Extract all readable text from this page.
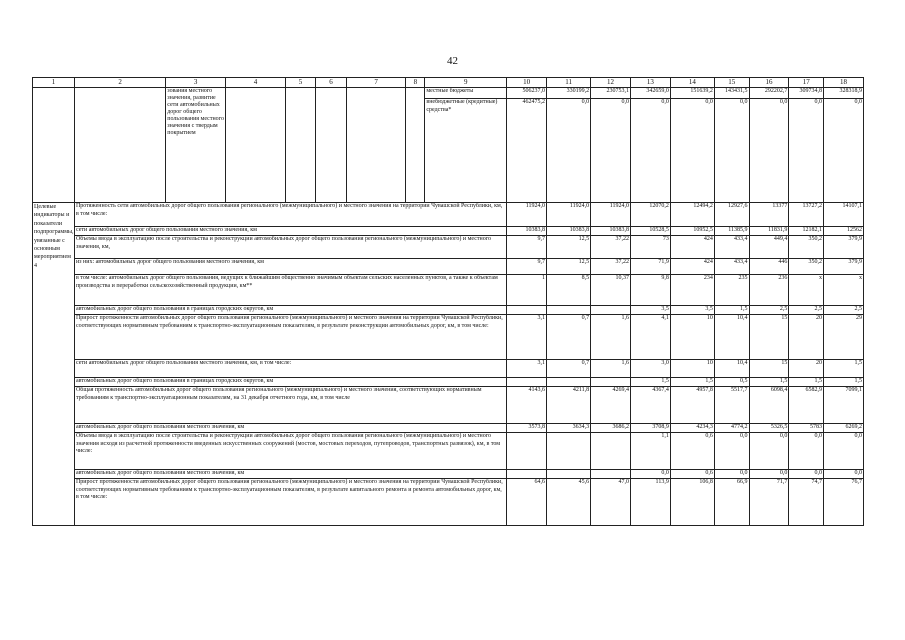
42
1	2	3	4	5	6	7	8	9	10	11	12	13	14	15	16	17	18
		зования местного значения, развитие сети автомобильных дорог общего пользования местного значения с твердым покрытием						местные бюджеты	506237,0	330199,2	230753,1	342659,0	151639,2	143431,5	292202,7	309734,8	328318,9
								внебюджетные (кредитные) средства*	462475,2	0,0	0,0	0,0	0,0	0,0	0,0	0,0	0,0
Целевые индикаторы и показатели подпрограммы, увязанные с основным мероприятием 4	Протяженность сети автомобильных дорог общего пользования регионального (межмуниципального) и местного значения на территории Чувашской Республики, км, в том числе:								11924,0	11924,0	11924,0	12070,2	12494,2	12927,6	13377	13727,2	14107,1
	сети автомобильных дорог общего пользования местного значения, км								10383,8	10383,8	10383,8	10528,5	10952,5	11385,9	11831,9	12182,1	12562
	Объемы ввода в эксплуатацию после строительства и реконструкции автомобильных дорог общего пользования регионального (межмуниципального) и местного значения, км,								9,7	12,5	37,22	73	424	433,4	449,4	350,2	379,9
	из них: автомобильных дорог общего пользования местного значения, км								9,7	12,5	37,22	71,9	424	433,4	446	350,2	379,9
	в том числе: автомобильных дорог общего пользования, ведущих к ближайшим общественно значимым объектам сельских населенных пунктов, а также к объектам производства и переработки сельскохозяйственный продукции, км**								1	8,5	10,37	9,8	234	235	236	x	x
	автомобильных дорог общего пользования в границах городских округов, км											3,5	3,5	1,5	2,5	2,5	2,5
	Прирост протяженности автомобильных дорог общего пользования регионального (межмуниципального) и местного значения на территории Чувашской Республики, соответствующих нормативным требованиям к транспортно-эксплуатационным показателям, в результате реконструкции автомобильных дорог, км, в том числе:								3,1	0,7	1,6	4,1	10	10,4	15	20	29
	сети автомобильных дорог общего пользования местного значения, км, в том числе:								3,1	0,7	1,6	3,0	10	10,4	15	20	1,5
	автомобильных дорог общего пользования в границах городских округов, км											1,5	1,5	0,5	1,5	1,5	1,5
	Общая протяженность автомобильных дорог общего пользования регионального (межмуниципального) и местного значения, соответствующих нормативным требованиям к транспортно-эксплуатационным показателям, на 31 декабря отчетного года, км, в том числе								4143,6	4211,8	4269,4	4367,4	4957,8	5517,7	6098,4	6582,9	7099,1
	автомобильных дорог общего пользования местного значения, км								3573,8	3634,3	3686,2	3708,9	4234,3	4774,2	5326,5	5783	6269,2
	Объемы ввода в эксплуатацию после строительства и реконструкции автомобильных дорог общего пользования регионального (межмуниципального) и местного значения исходя из расчетной протяженности введенных искусственных сооружений (мостов, мостовых переходов, путепроводов, транспортных развязок), км, в том числе:											1,1	0,6	0,0	0,0	0,0	0,0
	автомобильных дорог общего пользования местного значения, км											0,0	0,6	0,0	0,0	0,0	0,0
	Прирост протяженности автомобильных дорог общего пользования регионального (межмуниципального) и местного значения на территории Чувашской Республики, соответствующих нормативным требованиям к транспортно-эксплуатационным показателям, в результате капитального ремонта и ремонта автомобильных дорог, км, в том числе:								64,6	45,6	47,0	113,9	106,8	66,9	71,7	74,7	76,7
